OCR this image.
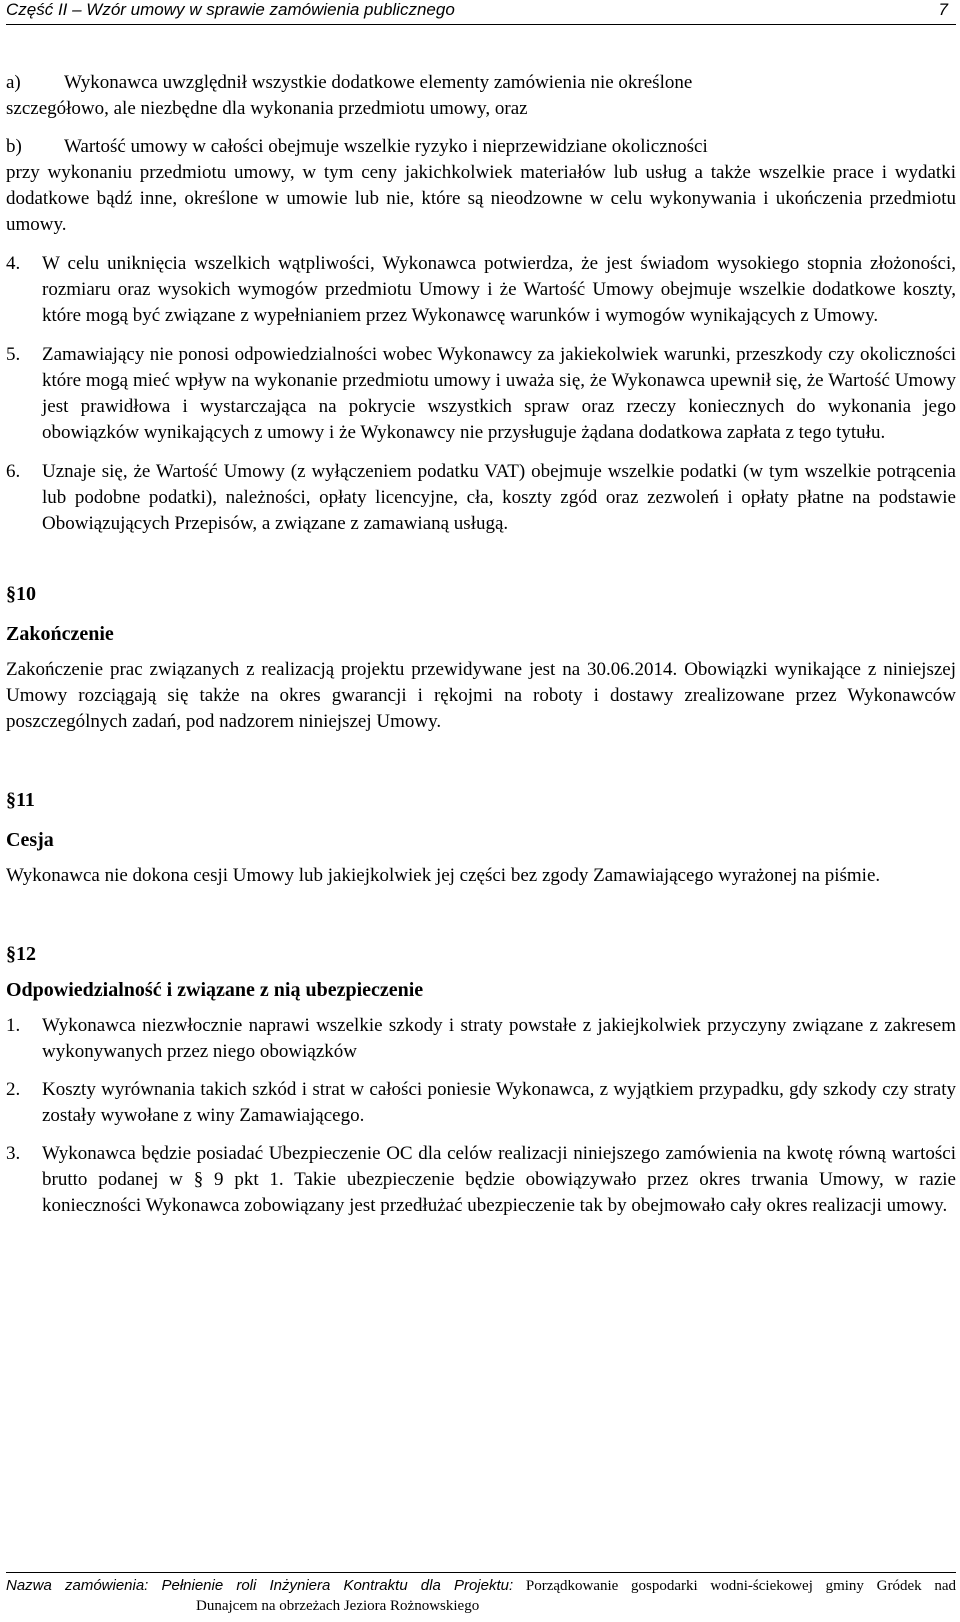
Część II – Wzór umowy w sprawie zamówienia publicznego	7

a) Wykonawca uwzględnił wszystkie dodatkowe elementy zamówienia nie określone

szczegółowo, ale niezbędne dla wykonania przedmiotu umowy, oraz

b) Wartość umowy w całości obejmuje wszelkie ryzyko i nieprzewidziane okoliczności

przy wykonaniu przedmiotu umowy, w tym ceny jakichkolwiek materiałów lub usług a także wszelkie prace i wydatki dodatkowe bądź inne, określone w umowie lub nie, które są nieodzowne w celu wykonywania i ukończenia przedmiotu umowy.

4. W celu uniknięcia wszelkich wątpliwości, Wykonawca potwierdza, że jest świadom wysokiego stopnia złożoności, rozmiaru oraz wysokich wymogów przedmiotu Umowy i że Wartość Umowy obejmuje wszelkie dodatkowe koszty, które mogą być związane z wypełnianiem przez Wykonawcę warunków i wymogów wynikających z Umowy.

5. Zamawiający nie ponosi odpowiedzialności wobec Wykonawcy za jakiekolwiek warunki, przeszkody czy okoliczności które mogą mieć wpływ na wykonanie przedmiotu umowy i uważa się, że Wykonawca upewnił się, że Wartość Umowy jest prawidłowa i wystarczająca na pokrycie wszystkich spraw oraz rzeczy koniecznych do wykonania jego obowiązków wynikających z umowy i że Wykonawcy nie przysługuje żądana dodatkowa zapłata z tego tytułu.

6. Uznaje się, że Wartość Umowy (z wyłączeniem podatku VAT) obejmuje wszelkie podatki (w tym wszelkie potrącenia lub podobne podatki), należności, opłaty licencyjne, cła, koszty zgód oraz zezwoleń i opłaty płatne na podstawie Obowiązujących Przepisów, a związane z zamawianą usługą.

§10

Zakończenie

Zakończenie prac związanych z realizacją projektu przewidywane jest na 30.06.2014. Obowiązki wynikające z niniejszej Umowy rozciągają się także na okres gwarancji i rękojmi na roboty i dostawy zrealizowane przez Wykonawców poszczególnych zadań, pod nadzorem niniejszej Umowy.

§11

Cesja

Wykonawca nie dokona cesji Umowy lub jakiejkolwiek jej części bez zgody Zamawiającego wyrażonej na piśmie.

§12

Odpowiedzialność i związane z nią ubezpieczenie

1. Wykonawca niezwłocznie naprawi wszelkie szkody i straty powstałe z jakiejkolwiek przyczyny związane z zakresem wykonywanych przez niego obowiązków

2. Koszty wyrównania takich szkód i strat w całości poniesie Wykonawca, z wyjątkiem przypadku, gdy szkody czy straty zostały wywołane z winy Zamawiającego.

3. Wykonawca będzie posiadać Ubezpieczenie OC dla celów realizacji niniejszego zamówienia na kwotę równą wartości brutto podanej w § 9 pkt 1. Takie ubezpieczenie będzie obowiązywało przez okres trwania Umowy, w razie konieczności Wykonawca zobowiązany jest przedłużać ubezpieczenie tak by obejmowało cały okres realizacji umowy.

Nazwa zamówienia: Pełnienie roli Inżyniera Kontraktu dla Projektu: Porządkowanie gospodarki wodni-ściekowej gminy Gródek nad
Dunajcem na obrzeżach Jeziora Rożnowskiego
